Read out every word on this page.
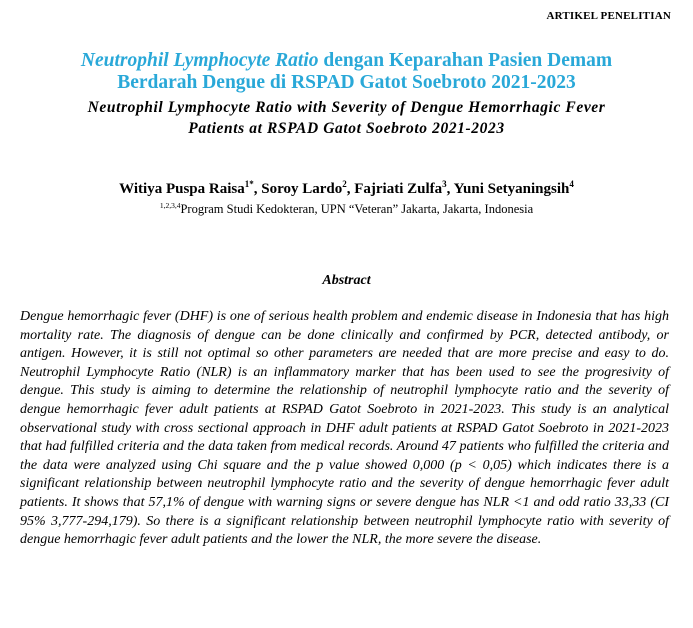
ARTIKEL PENELITIAN
Neutrophil Lymphocyte Ratio dengan Keparahan Pasien Demam
Berdarah Dengue di RSPAD Gatot Soebroto 2021-2023
Neutrophil Lymphocyte Ratio with Severity of Dengue Hemorrhagic Fever
Patients at RSPAD Gatot Soebroto 2021-2023
Witiya Puspa Raisa$^{1*}$, Soroy Lardo$^2$, Fajriati Zulfa$^3$, Yuni Setyaningsih$^4$
$^{1,2,3,4}$Program Studi Kedokteran, UPN “Veteran” Jakarta, Jakarta, Indonesia
Abstract

Dengue hemorrhagic fever (DHF) is one of serious health problem and endemic disease in Indonesia that has high mortality rate. The diagnosis of dengue can be done clinically and confirmed by PCR, detected antibody, or antigen. However, it is still not optimal so other parameters are needed that are more precise and easy to do. Neutrophil Lymphocyte Ratio (NLR) is an inflammatory marker that has been used to see the progresivity of dengue. This study is aiming to determine the relationship of neutrophil lymphocyte ratio and the severity of dengue hemorrhagic fever adult patients at RSPAD Gatot Soebroto in 2021-2023. This study is an analytical observational study with cross sectional approach in DHF adult patients at RSPAD Gatot Soebroto in 2021-2023 that had fulfilled criteria and the data taken from medical records. Around 47 patients who fulfilled the criteria and the data were analyzed using Chi square and the p value showed 0,000 (p < 0,05) which indicates there is a significant relationship between neutrophil lymphocyte ratio and the severity of dengue hemorrhagic fever adult patients. It shows that 57,1% of dengue with warning signs or severe dengue has NLR <1 and odd ratio 33,33 (CI 95% 3,777-294,179). So there is a significant relationship between neutrophil lymphocyte ratio with severity of dengue hemorrhagic fever adult patients and the lower the NLR, the more severe the disease.
